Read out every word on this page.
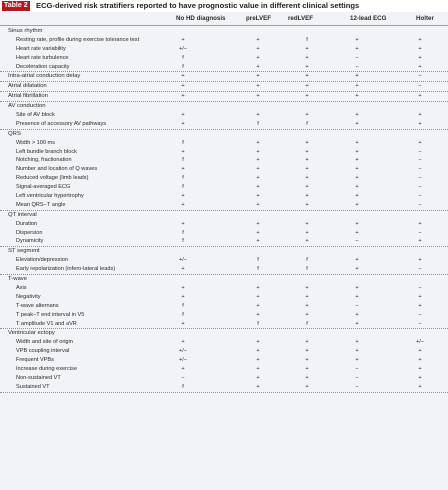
Table 2 ECG-derived risk stratifiers reported to have prognostic value in different clinical settings
No HD diagnosis	preLVEF	redLVEF	12-lead ECG	Holter
Sinus rhythm
Resting rate, profile during exercise tolerance test	+	+	f	+	+
Heart rate variability	+/−	+	+	+	+
Heart rate turbulence	f	+	+	−	+
Deceleration capacity	f	+	+	−	+
Intra-atrial conduction delay	+	+	+	+	−
Atrial dilatation	+	+	+	+	−
Atrial fibrillation	+	+	+	+	+
AV conduction
Site of AV block	+	+	+	+	+
Presence of accessory AV pathways	+	f	f	+	+
QRS
Width > 100 ms	f	+	+	+	+
Left bundle branch block	+	+	+	+	−
Notching, fractionation	f	+	+	+	−
Number and location of Q waves	+	+	+	+	−
Reduced voltage (limb leads)	f	+	+	+	−
Signal-averaged ECG	f	+	+	+	−
Left ventricular hypertrophy	+	+	+	+	−
Mean QRS−T angle	+	+	+	+	−
QT interval
Duration	+	+	+	+	+
Dispersion	f	+	+	+	−
Dynamicity	f	+	+	−	+
ST segment
Elevation/depression	+/−	f	f	+	+
Early repolarization (infero-lateral leads)	+	f	f	+	−
T-wave
Axis	+	+	+	+	−
Negativity	+	+	+	+	+
T-wave alternans	f	+	+	−	+
T peak−T end interval in V5	f	+	+	+	−
T amplitude V1 and aVR	+	f	f	+	−
Ventricular ectopy
Width and site of origin	+	+	+	+	+/−
VPB coupling interval	+/−	+	+	+	+
Frequent VPBs	+/−	+	+	+	+
Increase during exercise	+	+	+	−	+
Non-sustained VT	−	+	+	−	+
Sustained VT	f	+	+	−	+
